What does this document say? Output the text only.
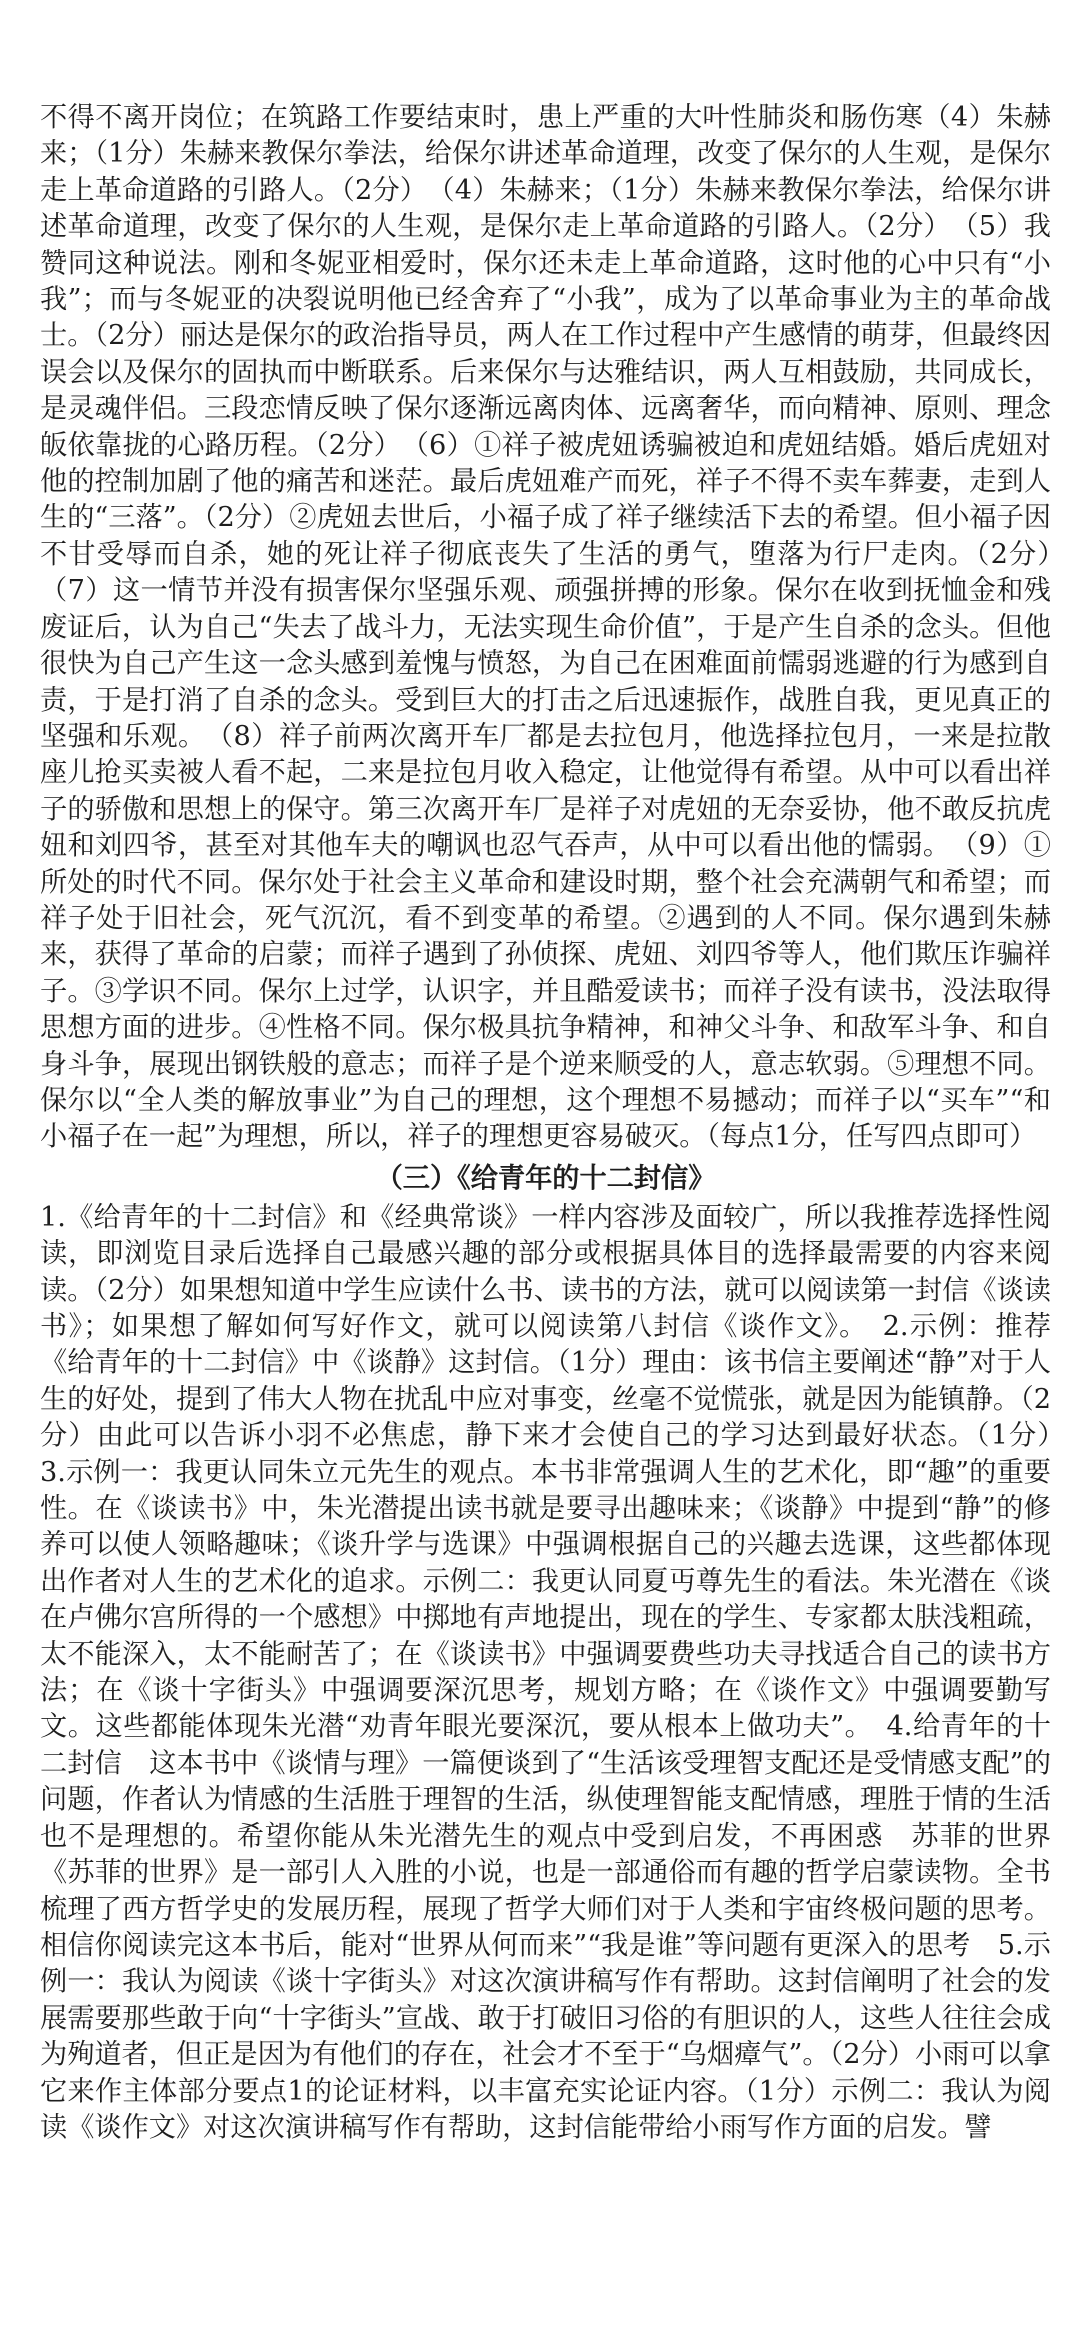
不得不离开岗位；在筑路工作要结束时，患上严重的大叶性肺炎和肠伤寒（4）朱赫来；（1分）朱赫来教保尔拳法，给保尔讲述革命道理，改变了保尔的人生观，是保尔走上革命道路的引路人。（2分）　（4）朱赫来；（1分）朱赫来教保尔拳法，给保尔讲述革命道理，改变了保尔的人生观，是保尔走上革命道路的引路人。（2分）　（5）我赞同这种说法。刚和冬妮亚相爱时，保尔还未走上革命道路，这时他的心中只有“小我”；而与冬妮亚的决裂说明他已经舍弃了“小我”，成为了以革命事业为主的革命战士。（2分）丽达是保尔的政治指导员，两人在工作过程中产生感情的萌芽，但最终因误会以及保尔的固执而中断联系。后来保尔与达雅结识，两人互相鼓励，共同成长，是灵魂伴侣。三段恋情反映了保尔逐渐远离肉体、远离奢华，而向精神、原则、理念皈依靠拢的心路历程。（2分）　（6）①祥子被虎妞诱骗被迫和虎妞结婚。婚后虎妞对他的控制加剧了他的痛苦和迷茫。最后虎妞难产而死，祥子不得不卖车葬妻，走到人生的“三落”。（2分）②虎妞去世后，小福子成了祥子继续活下去的希望。但小福子因不甘受辱而自杀，她的死让祥子彻底丧失了生活的勇气，堕落为行尸走肉。（2分）　（7）这一情节并没有损害保尔坚强乐观、顽强拼搏的形象。保尔在收到抚恤金和残废证后，认为自己“失去了战斗力，无法实现生命价值”，于是产生自杀的念头。但他很快为自己产生这一念头感到羞愧与愤怒，为自己在困难面前懦弱逃避的行为感到自责，于是打消了自杀的念头。受到巨大的打击之后迅速振作，战胜自我，更见真正的坚强和乐观。　（8）祥子前两次离开车厂都是去拉包月，他选择拉包月，一来是拉散座儿抢买卖被人看不起，二来是拉包月收入稳定，让他觉得有希望。从中可以看出祥子的骄傲和思想上的保守。第三次离开车厂是祥子对虎妞的无奈妥协，他不敢反抗虎妞和刘四爷，甚至对其他车夫的嘲讽也忍气吞声，从中可以看出他的懦弱。　（9）①所处的时代不同。保尔处于社会主义革命和建设时期，整个社会充满朝气和希望；而祥子处于旧社会，死气沉沉，看不到变革的希望。②遇到的人不同。保尔遇到朱赫来，获得了革命的启蒙；而祥子遇到了孙侦探、虎妞、刘四爷等人，他们欺压诈骗祥子。③学识不同。保尔上过学，认识字，并且酷爱读书；而祥子没有读书，没法取得思想方面的进步。④性格不同。保尔极具抗争精神，和神父斗争、和敌军斗争、和自身斗争，展现出钢铁般的意志；而祥子是个逆来顺受的人，意志软弱。⑤理想不同。保尔以“全人类的解放事业”为自己的理想，这个理想不易撼动；而祥子以“买车”“和小福子在一起”为理想，所以，祥子的理想更容易破灭。（每点1分，任写四点即可）

（三）《给青年的十二封信》

1.《给青年的十二封信》和《经典常谈》一样内容涉及面较广，所以我推荐选择性阅读，即浏览目录后选择自己最感兴趣的部分或根据具体目的选择最需要的内容来阅读。（2分）如果想知道中学生应读什么书、读书的方法，就可以阅读第一封信《谈读书》；如果想了解如何写好作文，就可以阅读第八封信《谈作文》。　2.示例：推荐《给青年的十二封信》中《谈静》这封信。（1分）理由：该书信主要阐述“静”对于人生的好处，提到了伟大人物在扰乱中应对事变，丝毫不觉慌张，就是因为能镇静。（2分）由此可以告诉小羽不必焦虑，静下来才会使自己的学习达到最好状态。（1分）　3.示例一：我更认同朱立元先生的观点。本书非常强调人生的艺术化，即“趣”的重要性。在《谈读书》中，朱光潜提出读书就是要寻出趣味来；《谈静》中提到“静”的修养可以使人领略趣味；《谈升学与选课》中强调根据自己的兴趣去选课，这些都体现出作者对人生的艺术化的追求。示例二：我更认同夏丏尊先生的看法。朱光潜在《谈在卢佛尔宫所得的一个感想》中掷地有声地提出，现在的学生、专家都太肤浅粗疏，太不能深入，太不能耐苦了；在《谈读书》中强调要费些功夫寻找适合自己的读书方法；在《谈十字街头》中强调要深沉思考，规划方略；在《谈作文》中强调要勤写文。这些都能体现朱光潜“劝青年眼光要深沉，要从根本上做功夫”。　4.给青年的十二封信　这本书中《谈情与理》一篇便谈到了“生活该受理智支配还是受情感支配”的问题，作者认为情感的生活胜于理智的生活，纵使理智能支配情感，理胜于情的生活也不是理想的。希望你能从朱光潜先生的观点中受到启发，不再困惑　苏菲的世界　《苏菲的世界》是一部引人入胜的小说，也是一部通俗而有趣的哲学启蒙读物。全书梳理了西方哲学史的发展历程，展现了哲学大师们对于人类和宇宙终极问题的思考。相信你阅读完这本书后，能对“世界从何而来”“我是谁”等问题有更深入的思考　5.示例一：我认为阅读《谈十字街头》对这次演讲稿写作有帮助。这封信阐明了社会的发展需要那些敢于向“十字街头”宣战、敢于打破旧习俗的有胆识的人，这些人往往会成为殉道者，但正是因为有他们的存在，社会才不至于“乌烟瘴气”。（2分）小雨可以拿它来作主体部分要点1的论证材料，以丰富充实论证内容。（1分）示例二：我认为阅读《谈作文》对这次演讲稿写作有帮助，这封信能带给小雨写作方面的启发。譬
